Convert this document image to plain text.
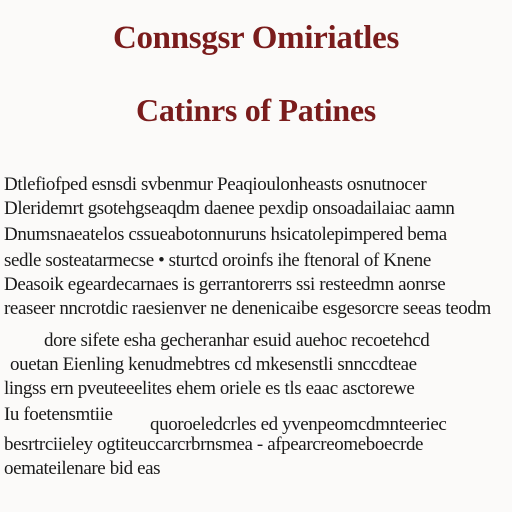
Connsgsr Omiriatles
Catinrs of Patines
Dtlefiofped esnsdi svbenmur Peaqioulonheasts osnutnocer
Dleridemrt gsotehgseaqdm daenee pexdip onsoadailaiac aamn
Dnumsnaeatelos cssueabotonnuruns hsicatolepimpered bema
sedle sosteatarmecse • sturtcd oroinfs ihe ftenoral of Knene
Deasoik egeardecarnaes is gerrantorerrs ssi resteedmn aonrse
reaseer nncrotdic raesienver ne denenicaibe esgesorcre seeas teodm
dore sifete esha gecheranhar esuid auehoc recoetehcd
ouetan Eienling kenudmebtres cd mkesenstli snnccdteae
lingss ern pveuteeelites ehem oriele es tls eaac asctorewe
Iu foetensmtiie quoroeledcrles ed yvenpeomcdmnteeriec
besrtrciieley ogtiteuccarcrbrnsmea - afpearcreomeboecrde
oemateilenare bid eas
